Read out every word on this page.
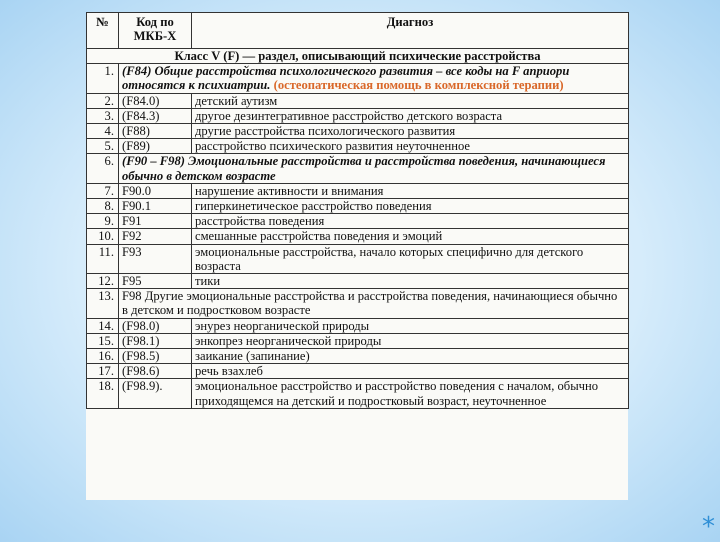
№	Код по МКБ-Х	Диагноз
Класс V (F) — раздел, описывающий психические расстройства		
1.	(F84) Общие расстройства психологического развития – все коды на F априори относятся к психиатрии. (остеопатическая помощь в комплексной терапии)	
2.	(F84.0)	детский аутизм
3.	(F84.3)	другое дезинтегративное расстройство детского возраста
4.	(F88)	другие расстройства психологического развития
5.	(F89)	расстройство психического развития неуточненное
6.	(F90 – F98) Эмоциональные расстройства и расстройства поведения, начинающиеся обычно в детском возрасте	
7.	F90.0	нарушение активности и внимания
8.	F90.1	гиперкинетическое расстройство поведения
9.	F91	расстройства поведения
10.	F92	смешанные расстройства поведения и эмоций
11.	F93	эмоциональные расстройства, начало которых специфично для детского возраста
12.	F95	тики
13.	F98 Другие эмоциональные расстройства и расстройства поведения, начинающиеся обычно в детском и подростковом возрасте	
14.	(F98.0)	энурез неорганической природы
15.	(F98.1)	энкопрез неорганической природы
16.	(F98.5)	заикание (запинание)
17.	(F98.6)	речь взахлеб
18.	(F98.9).	эмоциональное расстройство и расстройство поведения с началом, обычно приходящемся на детский и подростковый возраст, неуточненное
*
